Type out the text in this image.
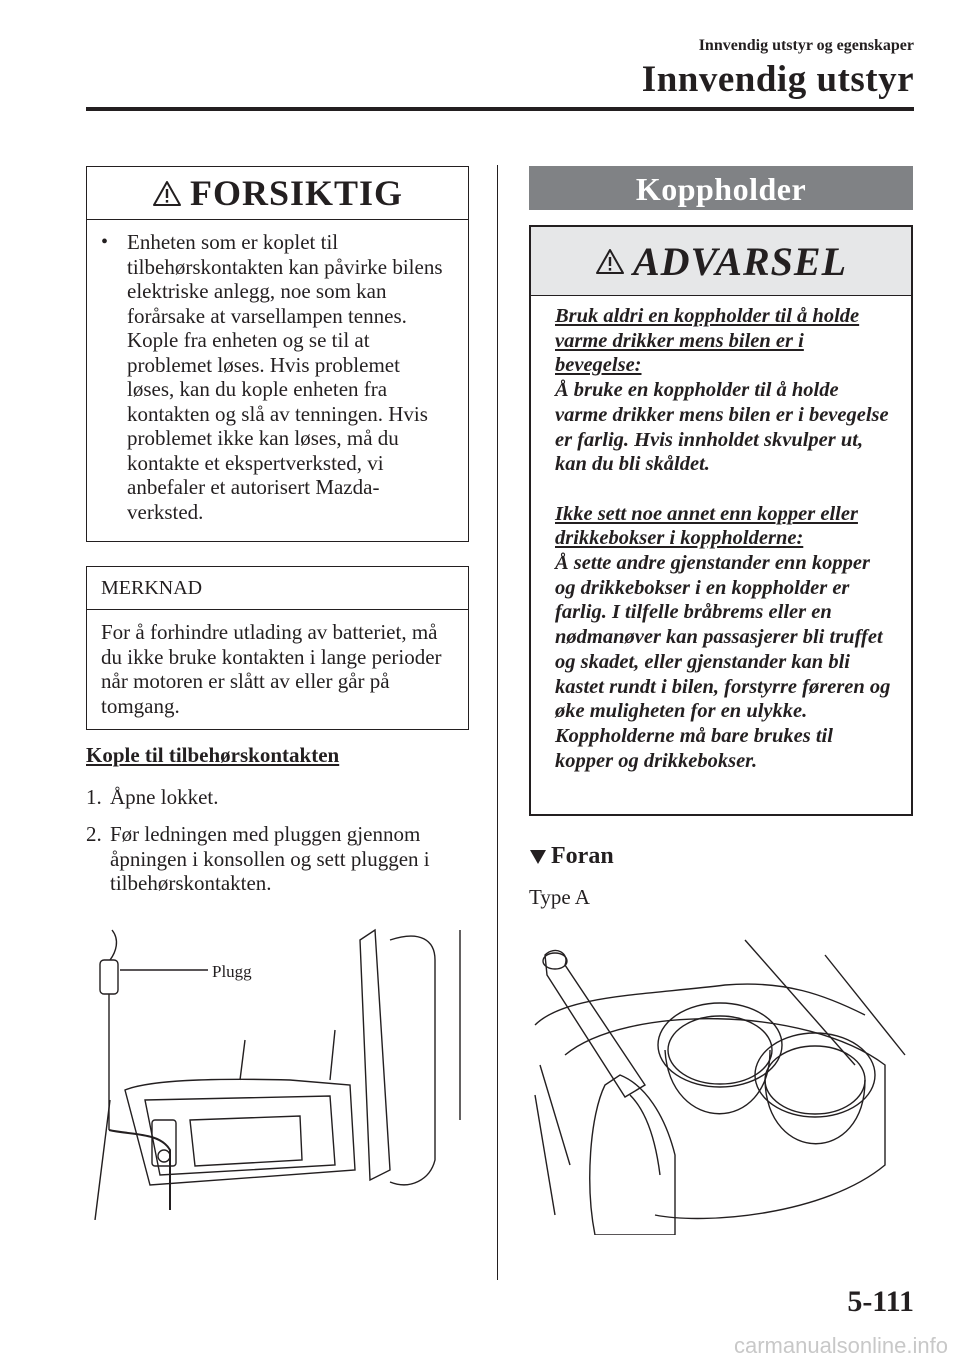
Innvendig utstyr og egenskaper
Innvendig utstyr
FORSIKTIG
• Enheten som er koplet til tilbehørskontakten kan påvirke bilens elektriske anlegg, noe som kan forårsake at varsellampen tennes. Kople fra enheten og se til at problemet løses. Hvis problemet løses, kan du kople enheten fra kontakten og slå av tenningen. Hvis problemet ikke kan løses, må du kontakte et ekspertverksted, vi anbefaler et autorisert Mazda-verksted.
MERKNAD
For å forhindre utlading av batteriet, må du ikke bruke kontakten i lange perioder når motoren er slått av eller går på tomgang.
Kople til tilbehørskontakten
1. Åpne lokket.
2. Før ledningen med pluggen gjennom åpningen i konsollen og sett pluggen i tilbehørskontakten.
Plugg
Koppholder
ADVARSEL
Bruk aldri en koppholder til å holde varme drikker mens bilen er i bevegelse:
Å bruke en koppholder til å holde varme drikker mens bilen er i bevegelse er farlig. Hvis innholdet skvulper ut, kan du bli skåldet.
Ikke sett noe annet enn kopper eller drikkebokser i koppholderne:
Å sette andre gjenstander enn kopper og drikkebokser i en koppholder er farlig. I tilfelle bråbrems eller en nødmanøver kan passasjerer bli truffet og skadet, eller gjenstander kan bli kastet rundt i bilen, forstyrre føreren og øke muligheten for en ulykke. Koppholderne må bare brukes til kopper og drikkebokser.
Foran
Type A
5-111
carmanualsonline.info
